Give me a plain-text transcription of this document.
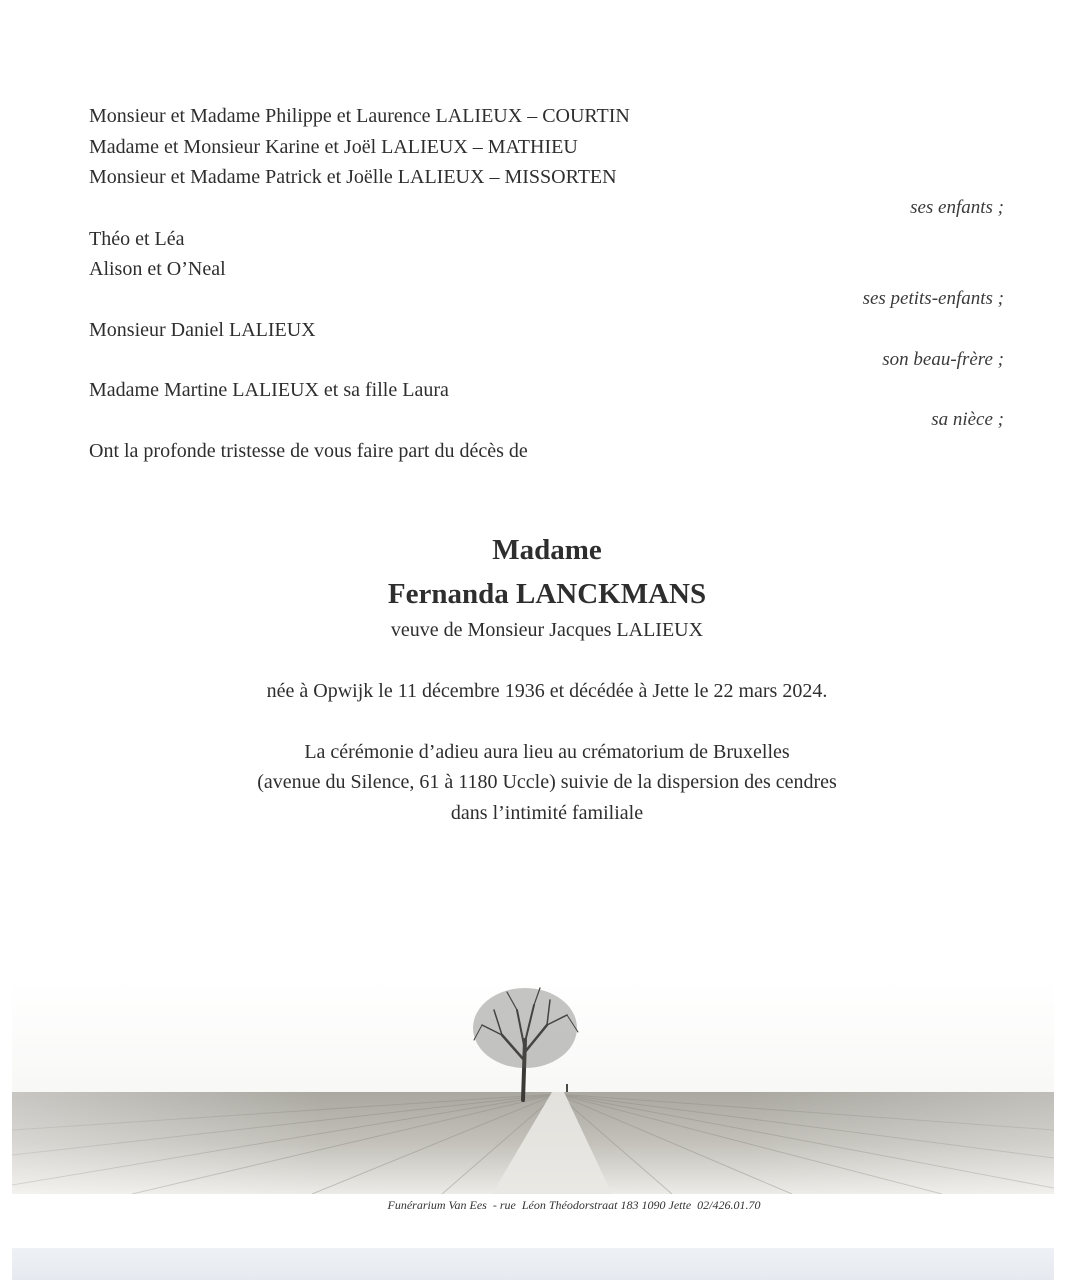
Monsieur et Madame Philippe et Laurence LALIEUX – COURTIN
Madame et Monsieur Karine et Joël LALIEUX – MATHIEU
Monsieur et Madame Patrick et Joëlle LALIEUX – MISSORTEN
ses enfants ;
Théo et Léa
Alison et O’Neal
ses petits-enfants ;
Monsieur Daniel LALIEUX
son beau-frère ;
Madame Martine LALIEUX et sa fille Laura
sa nièce ;
Ont la profonde tristesse de vous faire part du décès de
Madame
Fernanda LANCKMANS
veuve de Monsieur Jacques LALIEUX
née à Opwijk le 11 décembre 1936 et décédée à Jette le 22 mars 2024.
La cérémonie d’adieu aura lieu au crématorium de Bruxelles
(avenue du Silence, 61 à 1180 Uccle) suivie de la dispersion des cendres
dans l’intimité familiale
Funérarium Van Ees  - rue  Léon Théodorstraat 183 1090 Jette  02/426.01.70
